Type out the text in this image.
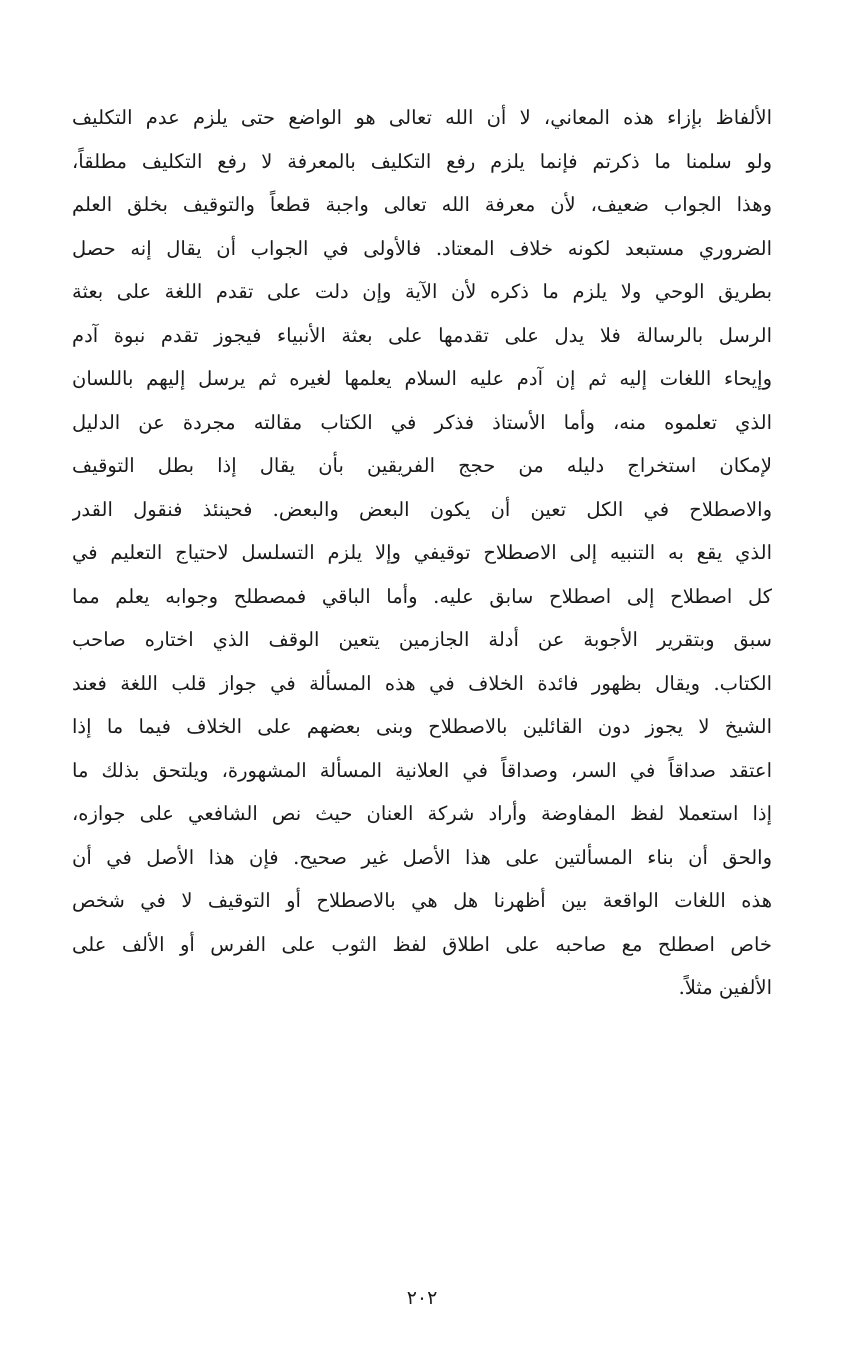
الألفاظ بإزاء هذه المعاني، لا أن الله تعالى هو الواضع حتى يلزم عدم التكليف
ولو سلمنا ما ذكرتم فإنما يلزم رفع التكليف بالمعرفة لا رفع التكليف مطلقاً،
وهذا الجواب ضعيف، لأن معرفة الله تعالى واجبة قطعاً والتوقيف بخلق العلم
الضروري مستبعد لكونه خلاف المعتاد. فالأولى في الجواب أن يقال إنه حصل
بطريق الوحي ولا يلزم ما ذكره لأن الآية وإن دلت على تقدم اللغة على بعثة
الرسل بالرسالة فلا يدل على تقدمها على بعثة الأنبياء فيجوز تقدم نبوة آدم
وإيحاء اللغات إليه ثم إن آدم عليه السلام يعلمها لغيره ثم يرسل إليهم باللسان
الذي تعلموه منه، وأما الأستاذ فذكر في الكتاب مقالته مجردة عن الدليل
لإمكان استخراج دليله من حجج الفريقين بأن يقال إذا بطل التوقيف
والاصطلاح في الكل تعين أن يكون البعض والبعض. فحينئذ فنقول القدر
الذي يقع به التنبيه إلى الاصطلاح توقيفي وإلا يلزم التسلسل لاحتياج التعليم في
كل اصطلاح إلى اصطلاح سابق عليه. وأما الباقي فمصطلح وجوابه يعلم مما
سبق وبتقرير الأجوبة عن أدلة الجازمين يتعين الوقف الذي اختاره صاحب
الكتاب. ويقال بظهور فائدة الخلاف في هذه المسألة في جواز قلب اللغة فعند
الشيخ لا يجوز دون القائلين بالاصطلاح وبنى بعضهم على الخلاف فيما ما إذا
اعتقد صداقاً في السر، وصداقاً في العلانية المسألة المشهورة، ويلتحق بذلك ما
إذا استعملا لفظ المفاوضة وأراد شركة العنان حيث نص الشافعي على جوازه،
والحق أن بناء المسألتين على هذا الأصل غير صحيح. فإن هذا الأصل في أن
هذه اللغات الواقعة بين أظهرنا هل هي بالاصطلاح أو التوقيف لا في شخص
خاص اصطلح مع صاحبه على اطلاق لفظ الثوب على الفرس أو الألف على
الألفين مثلاً.
٢٠٢
